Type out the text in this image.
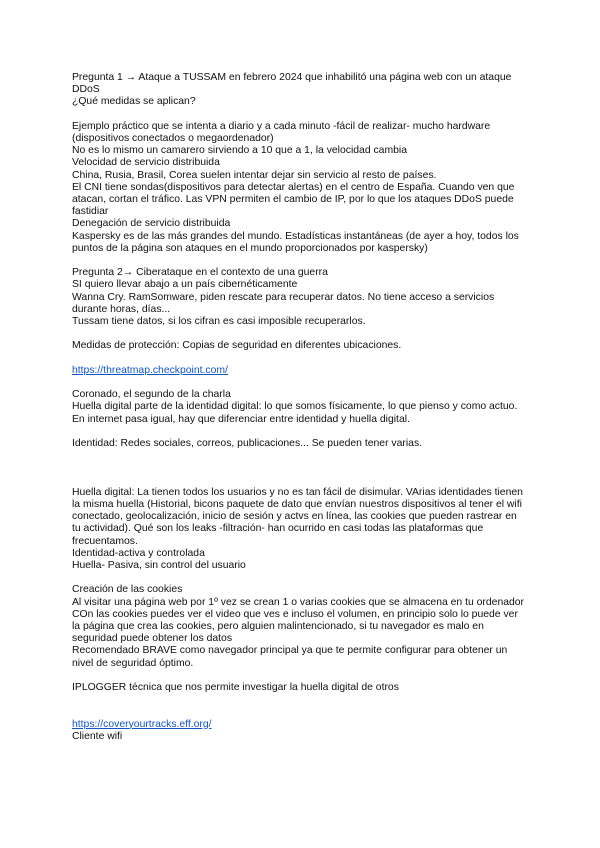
Pregunta 1 → Ataque a TUSSAM en febrero 2024 que inhabilitó una página web con un ataque DDoS

¿Qué medidas se aplican?

Ejemplo práctico que se intenta a diario y a cada minuto -fácil de realizar- mucho hardware (dispositivos conectados o megaordenador)

No es lo mismo un camarero sirviendo a 10 que a 1, la velocidad cambia

Velocidad de servicio distribuida

China, Rusia, Brasil, Corea suelen intentar dejar sin servicio al resto de países.

El CNI tiene sondas(dispositivos para detectar alertas) en el centro de España. Cuando ven que atacan, cortan el tráfico. Las VPN permiten el cambio de IP, por lo que los ataques DDoS puede fastidiar

Denegación de servicio distribuida

Kaspersky es de las más grandes del mundo. Estadísticas instantáneas (de ayer a hoy, todos los puntos de la página son ataques en el mundo proporcionados por kaspersky)

Pregunta 2→ Ciberataque en el contexto de una guerra

SI quiero llevar abajo a un país cibernéticamente

Wanna Cry. RamSomware, piden rescate para recuperar datos. No tiene acceso a servicios durante horas, días...

Tussam tiene datos, si los cifran es casi imposible recuperarlos.

Medidas de protección: Copias de seguridad en diferentes ubicaciones.

https://threatmap.checkpoint.com/

Coronado, el segundo de la charla

Huella digital parte de la identidad digital: lo que somos físicamente, lo que pienso y como actuo. En internet pasa igual, hay que diferenciar entre identidad y huella digital.

Identidad: Redes sociales, correos, publicaciones... Se pueden tener varias.

Huella digital: La tienen todos los usuarios y no es tan fácil de disimular. VArias identidades tienen la misma huella (Historial, bicons paquete de dato que envían nuestros dispositivos al tener el wifi conectado, geolocalización, inicio de sesión y actvs en línea, las cookies que pueden rastrear en tu actividad). Qué son los leaks -filtración- han ocurrido en casi todas las plataformas que frecuentamos.

Identidad-activa y controlada

Huella- Pasiva, sin control del usuario

Creación de las cookies

Al visitar una página web por 1º vez se crean 1 o varias cookies que se almacena en tu ordenador

COn las cookies puedes ver el video que ves e incluso el volumen, en principio solo lo puede ver la página que crea las cookies, pero alguien malintencionado, si tu navegador es malo en seguridad puede obtener los datos

Recomendado BRAVE como navegador principal ya que te permite configurar para obtener un nivel de seguridad óptimo.

IPLOGGER técnica que nos permite investigar la huella digital de otros

https://coveryourtracks.eff.org/

Cliente wifi
